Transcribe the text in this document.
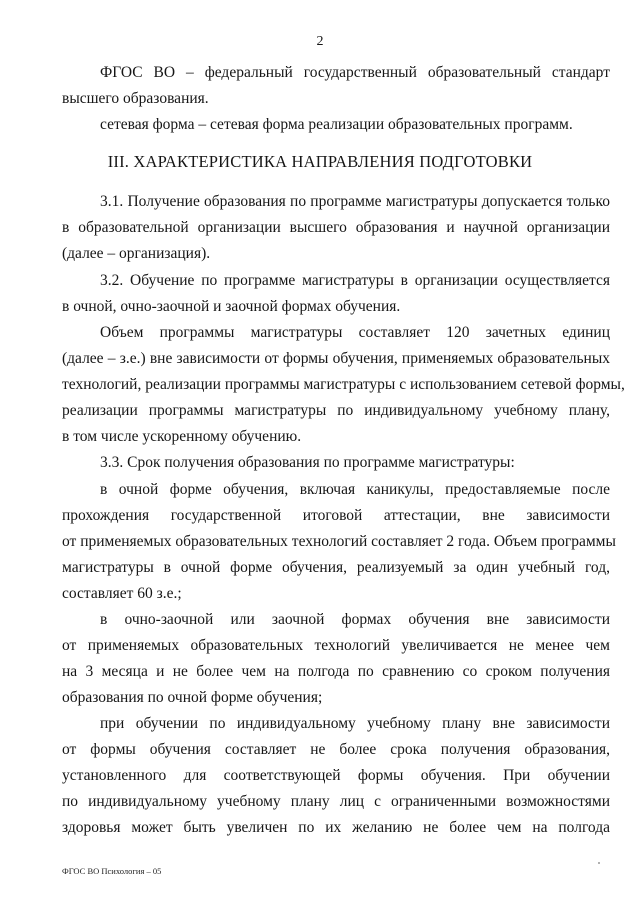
2
ФГОС ВО – федеральный государственный образовательный стандарт
высшего образования.
сетевая форма – сетевая форма реализации образовательных программ.
III. ХАРАКТЕРИСТИКА НАПРАВЛЕНИЯ ПОДГОТОВКИ
3.1. Получение образования по программе магистратуры допускается только
в образовательной организации высшего образования и научной организации
(далее – организация).
3.2. Обучение по программе магистратуры в организации осуществляется
в очной, очно-заочной и заочной формах обучения.
Объем программы магистратуры составляет 120 зачетных единиц
(далее – з.е.) вне зависимости от формы обучения, применяемых образовательных
технологий, реализации программы магистратуры с использованием сетевой формы,
реализации программы магистратуры по индивидуальному учебному плану,
в том числе ускоренному обучению.
3.3. Срок получения образования по программе магистратуры:
в очной форме обучения, включая каникулы, предоставляемые после
прохождения государственной итоговой аттестации, вне зависимости
от применяемых образовательных технологий составляет 2 года. Объем программы
магистратуры в очной форме обучения, реализуемый за один учебный год,
составляет 60 з.е.;
в очно-заочной или заочной формах обучения вне зависимости
от применяемых образовательных технологий увеличивается не менее чем
на 3 месяца и не более чем на полгода по сравнению со сроком получения
образования по очной форме обучения;
при обучении по индивидуальному учебному плану вне зависимости
от формы обучения составляет не более срока получения образования,
установленного для соответствующей формы обучения. При обучении
по индивидуальному учебному плану лиц с ограниченными возможностями
здоровья может быть увеличен по их желанию не более чем на полгода
ФГОС ВО Психология – 05
